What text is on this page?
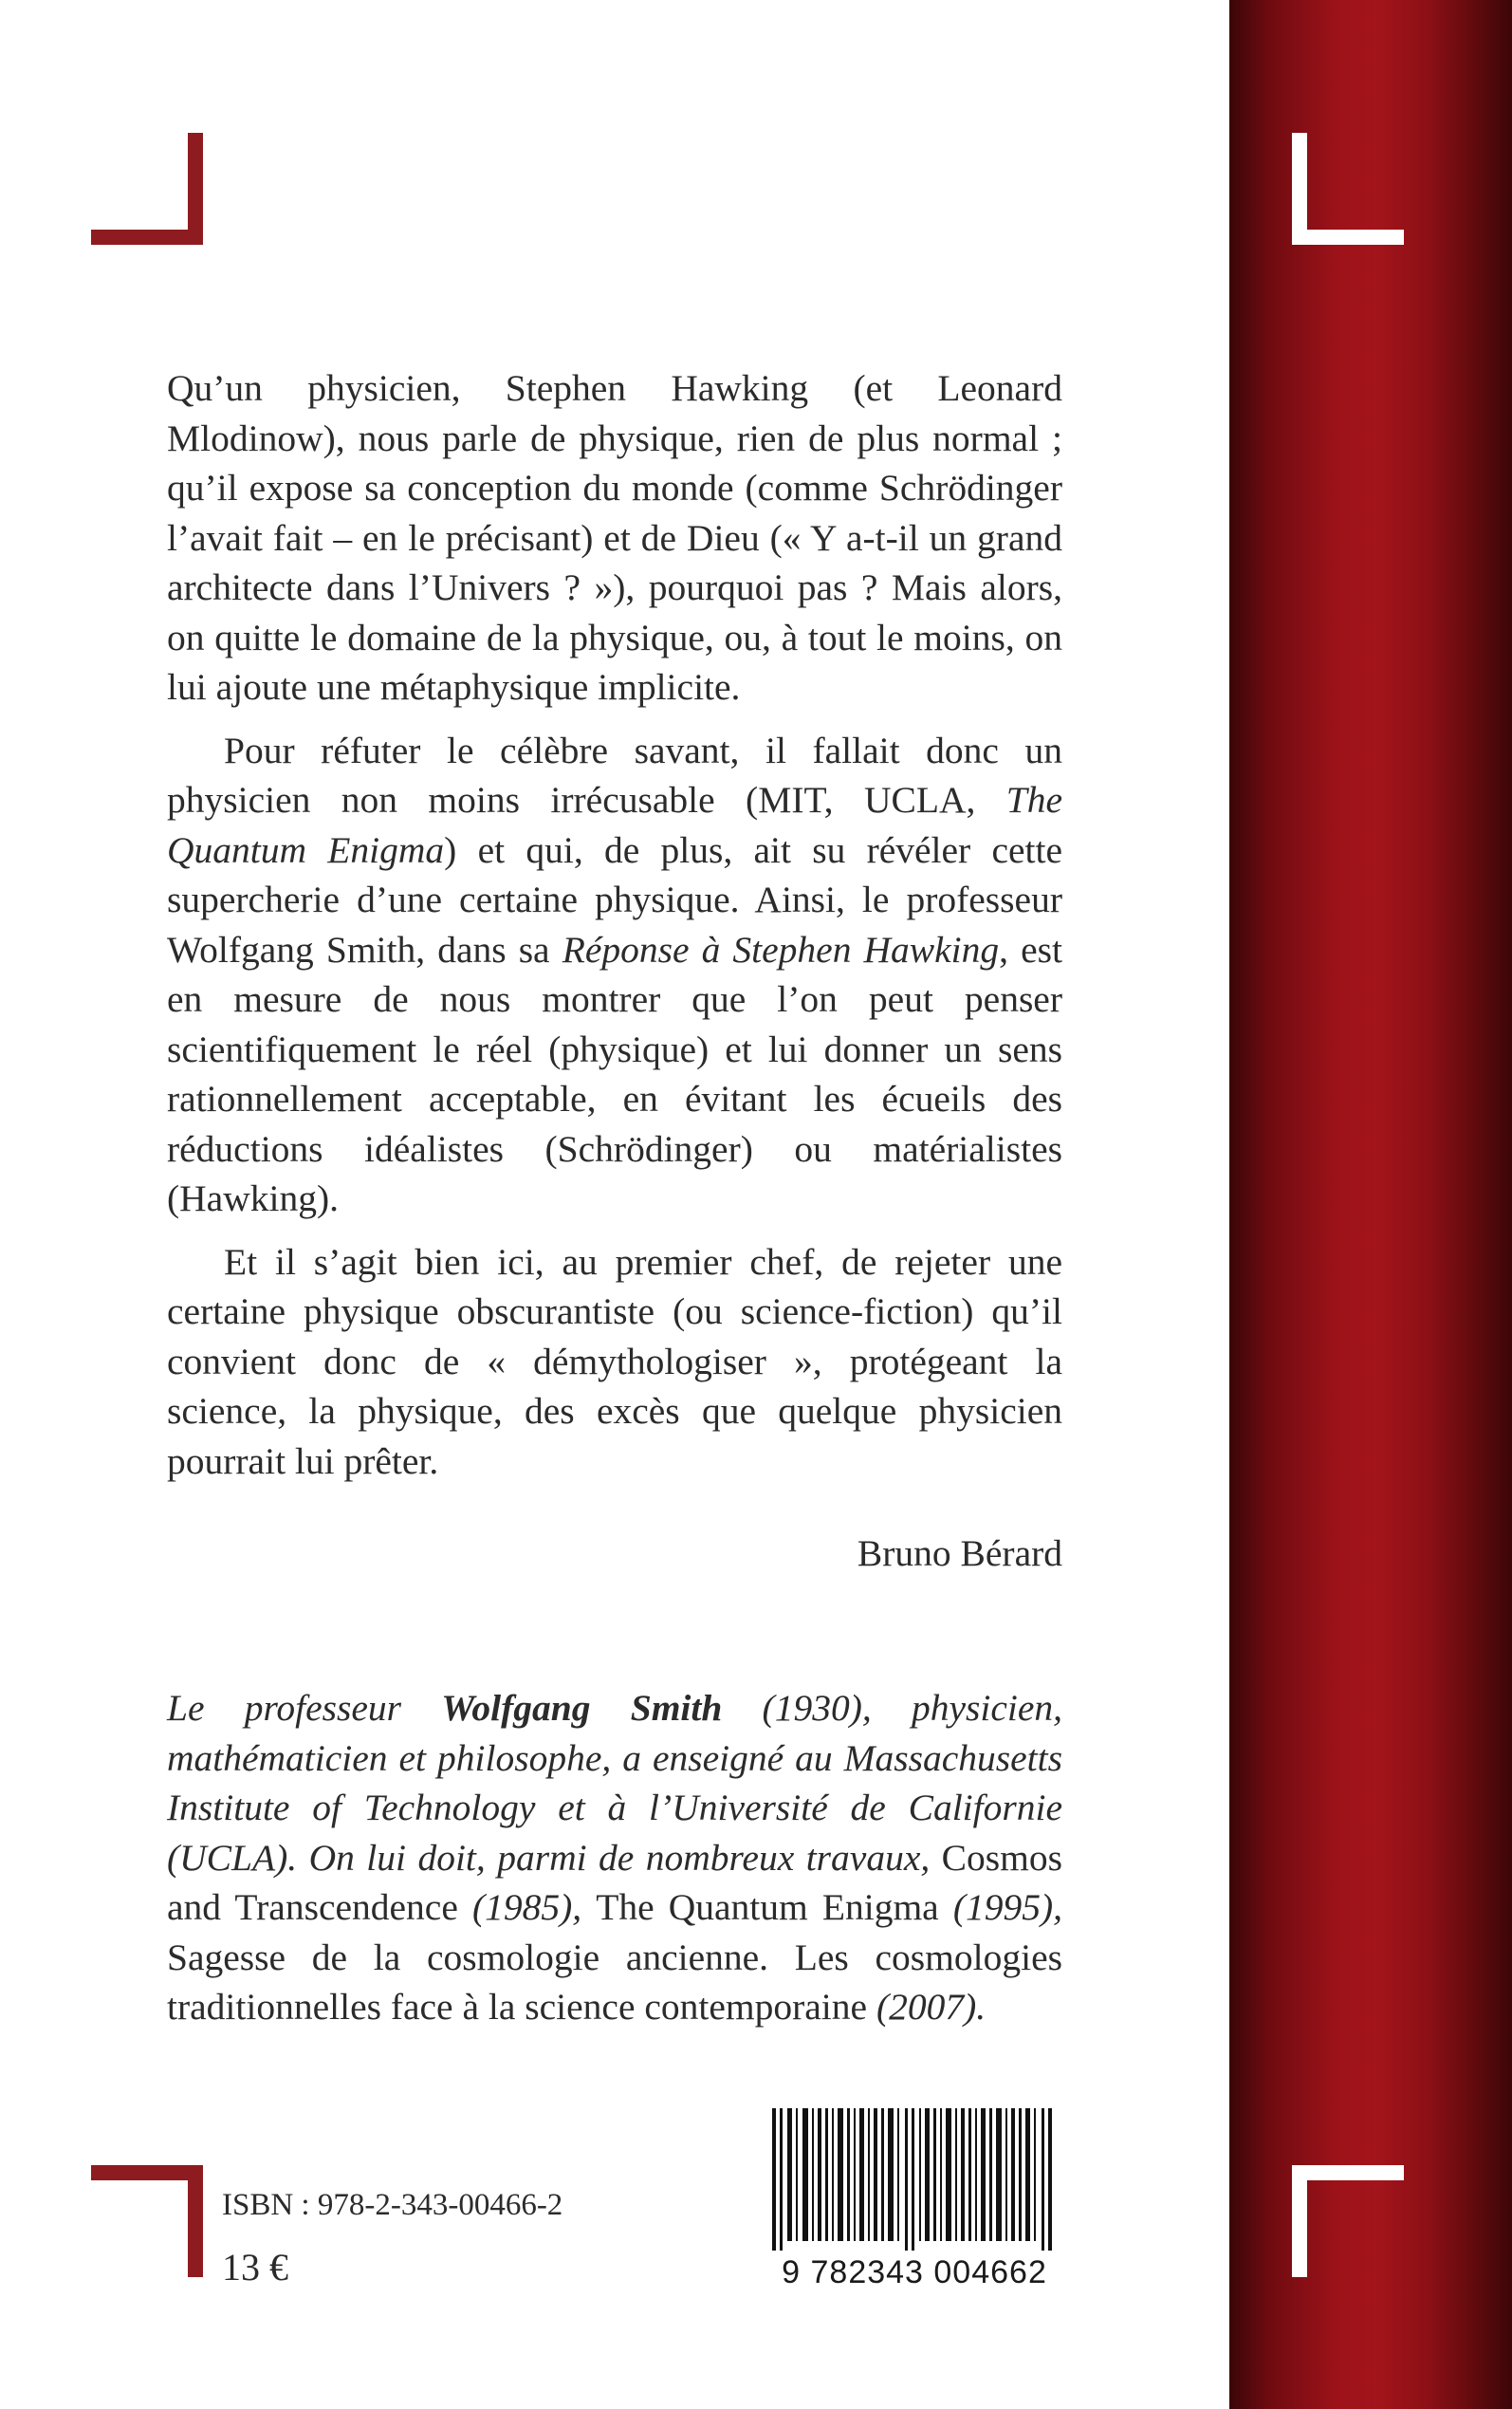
Qu’un physicien, Stephen Hawking (et Leonard Mlodinow), nous parle de physique, rien de plus normal ; qu’il expose sa conception du monde (comme Schrödinger l’avait fait – en le précisant) et de Dieu (« Y a-t-il un grand architecte dans l’Univers ? »), pourquoi pas ? Mais alors, on quitte le domaine de la physique, ou, à tout le moins, on lui ajoute une métaphysique implicite.

Pour réfuter le célèbre savant, il fallait donc un physicien non moins irrécusable (MIT, UCLA, The Quantum Enigma) et qui, de plus, ait su révéler cette supercherie d’une certaine physique. Ainsi, le professeur Wolfgang Smith, dans sa Réponse à Stephen Hawking, est en mesure de nous montrer que l’on peut penser scientifiquement le réel (physique) et lui donner un sens rationnellement acceptable, en évitant les écueils des réductions idéalistes (Schrödinger) ou matérialistes (Hawking).

Et il s’agit bien ici, au premier chef, de rejeter une certaine physique obscurantiste (ou science-fiction) qu’il convient donc de « démythologiser », protégeant la science, la physique, des excès que quelque physicien pourrait lui prêter.

Bruno Bérard

Le professeur Wolfgang Smith (1930), physicien, mathématicien et philosophe, a enseigné au Massachusetts Institute of Technology et à l’Université de Californie (UCLA). On lui doit, parmi de nombreux travaux, Cosmos and Transcendence (1985), The Quantum Enigma (1995), Sagesse de la cosmologie ancienne. Les cosmologies traditionnelles face à la science contemporaine (2007).

ISBN : 978-2-343-00466-2
13 €	9 782343 004662
